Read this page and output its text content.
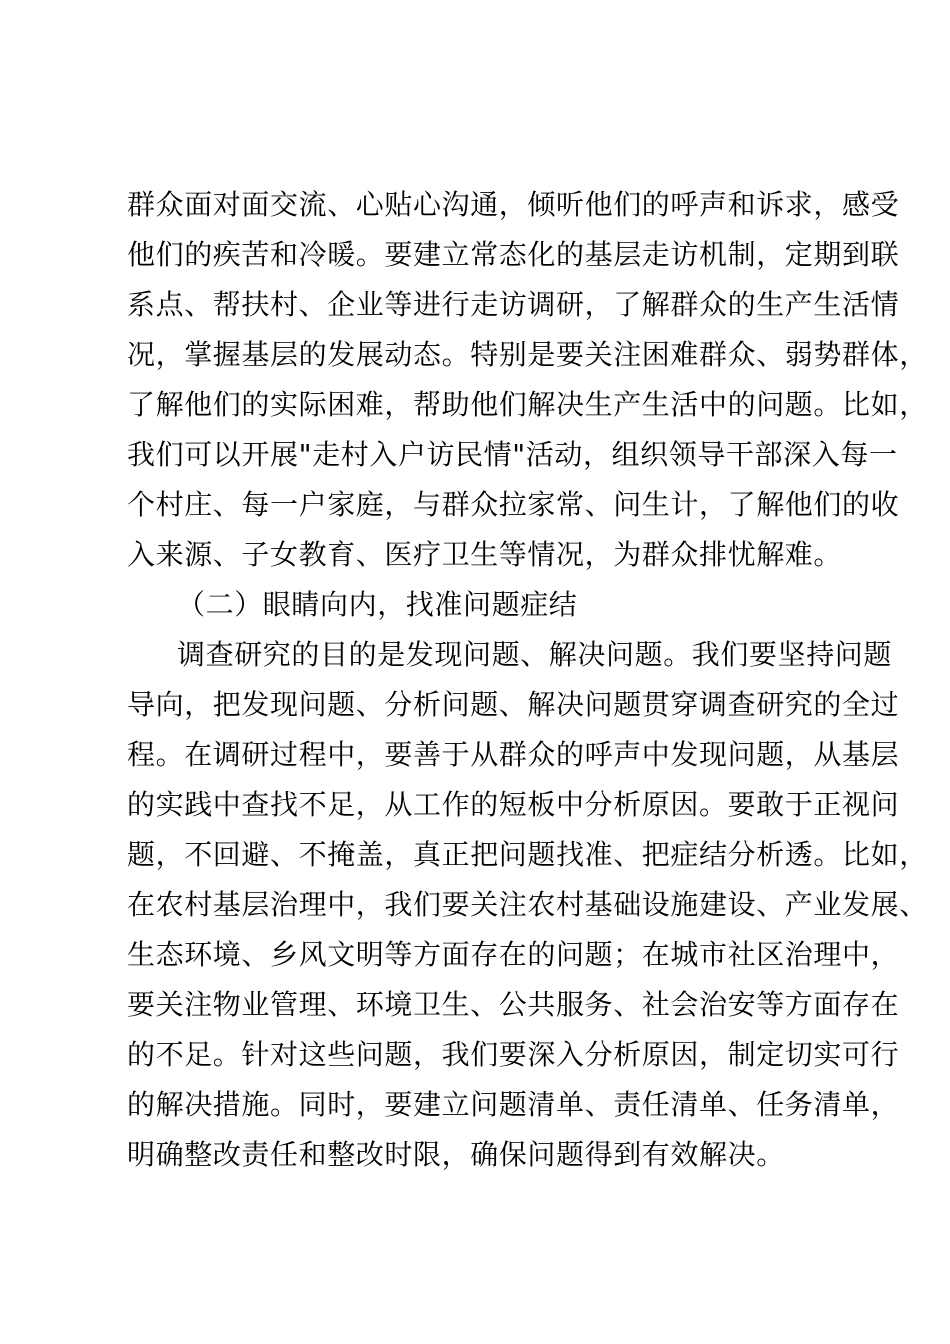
群众面对面交流、心贴心沟通，倾听他们的呼声和诉求，感受
他们的疾苦和冷暖。要建立常态化的基层走访机制，定期到联
系点、帮扶村、企业等进行走访调研，了解群众的生产生活情
况，掌握基层的发展动态。特别是要关注困难群众、弱势群体，
了解他们的实际困难，帮助他们解决生产生活中的问题。比如，
我们可以开展"走村入户访民情"活动，组织领导干部深入每一
个村庄、每一户家庭，与群众拉家常、问生计，了解他们的收
入来源、子女教育、医疗卫生等情况，为群众排忧解难。
（二）眼睛向内，找准问题症结
调查研究的目的是发现问题、解决问题。我们要坚持问题
导向，把发现问题、分析问题、解决问题贯穿调查研究的全过
程。在调研过程中，要善于从群众的呼声中发现问题，从基层
的实践中查找不足，从工作的短板中分析原因。要敢于正视问
题，不回避、不掩盖，真正把问题找准、把症结分析透。比如，
在农村基层治理中，我们要关注农村基础设施建设、产业发展、
生态环境、乡风文明等方面存在的问题；在城市社区治理中，
要关注物业管理、环境卫生、公共服务、社会治安等方面存在
的不足。针对这些问题，我们要深入分析原因，制定切实可行
的解决措施。同时，要建立问题清单、责任清单、任务清单，
明确整改责任和整改时限，确保问题得到有效解决。
